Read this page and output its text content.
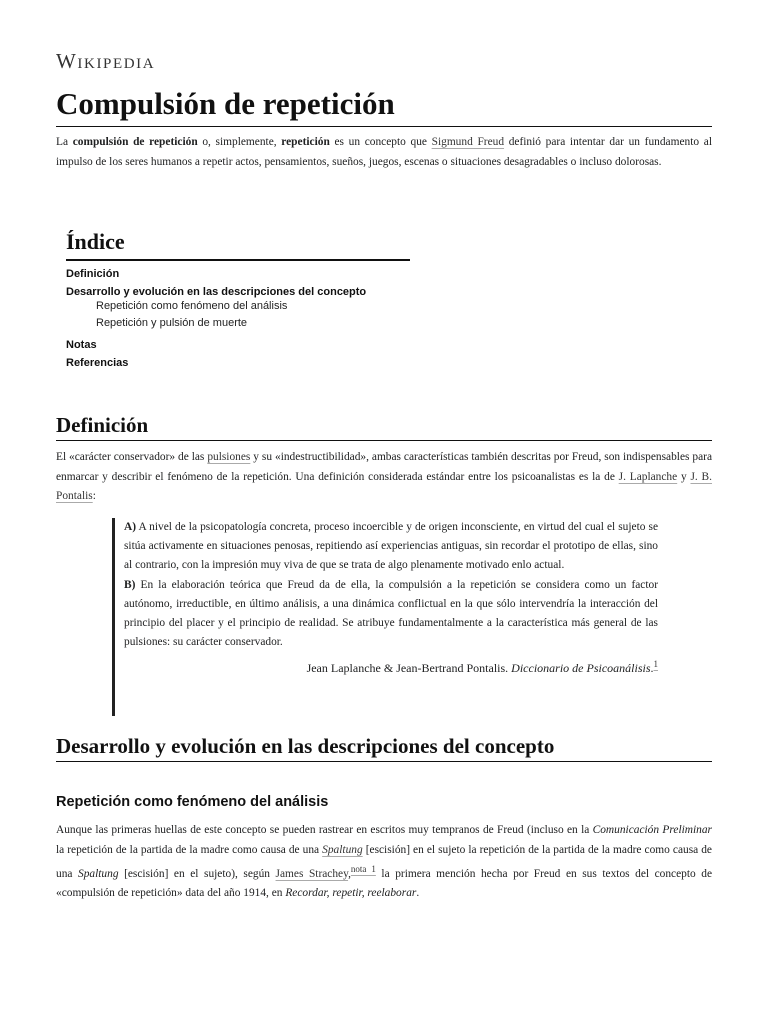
Wikipedia
Compulsión de repetición

La compulsión de repetición o, simplemente, repetición es un concepto que Sigmund Freud definió para intentar dar un fundamento al impulso de los seres humanos a repetir actos, pensamientos, sueños, juegos, escenas o situaciones desagradables o incluso dolorosas.

Índice
Definición
Desarrollo y evolución en las descripciones del concepto
Repetición como fenómeno del análisis
Repetición y pulsión de muerte
Notas
Referencias
Definición

El «carácter conservador» de las pulsiones y su «indestructibilidad», ambas características también descritas por Freud, son indispensables para enmarcar y describir el fenómeno de la repetición. Una definición considerada estándar entre los psicoanalistas es la de J. Laplanche y J. B. Pontalis:

A) A nivel de la psicopatología concreta, proceso incoercible y de origen inconsciente, en virtud del cual el sujeto se sitúa activamente en situaciones penosas, repitiendo así experiencias antiguas, sin recordar el prototipo de ellas, sino al contrario, con la impresión muy viva de que se trata de algo plenamente motivado enlo actual.

B) En la elaboración teórica que Freud da de ella, la compulsión a la repetición se considera como un factor autónomo, irreductible, en último análisis, a una dinámica conflictual en la que sólo intervendría la interacción del principio del placer y el principio de realidad. Se atribuye fundamentalmente a la característica más general de las pulsiones: su carácter conservador.

Jean Laplanche & Jean-Bertrand Pontalis. Diccionario de Psicoanálisis.$^1$
Desarrollo y evolución en las descripciones del concepto
Repetición como fenómeno del análisis

Aunque las primeras huellas de este concepto se pueden rastrear en escritos muy tempranos de Freud (incluso en la Comunicación Preliminar la repetición de la partida de la madre como causa de una Spaltung [escisión] en el sujeto la repetición de la partida de la madre como causa de una Spaltung [escisión] en el sujeto), según James Strachey,$^{nota 1}$ la primera mención hecha por Freud en sus textos del concepto de «compulsión de repetición» data del año 1914, en Recordar, repetir, reelaborar.
